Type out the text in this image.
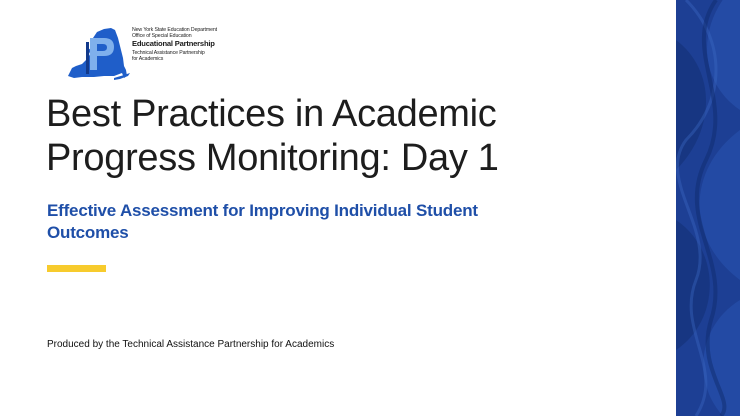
New York State Education Department
Office of Special Education
Educational Partnership
Technical Assistance Partnership
for Academics
Best Practices in Academic
Progress Monitoring: Day 1
Effective Assessment for Improving Individual Student
Outcomes

Produced by the Technical Assistance Partnership for Academics
